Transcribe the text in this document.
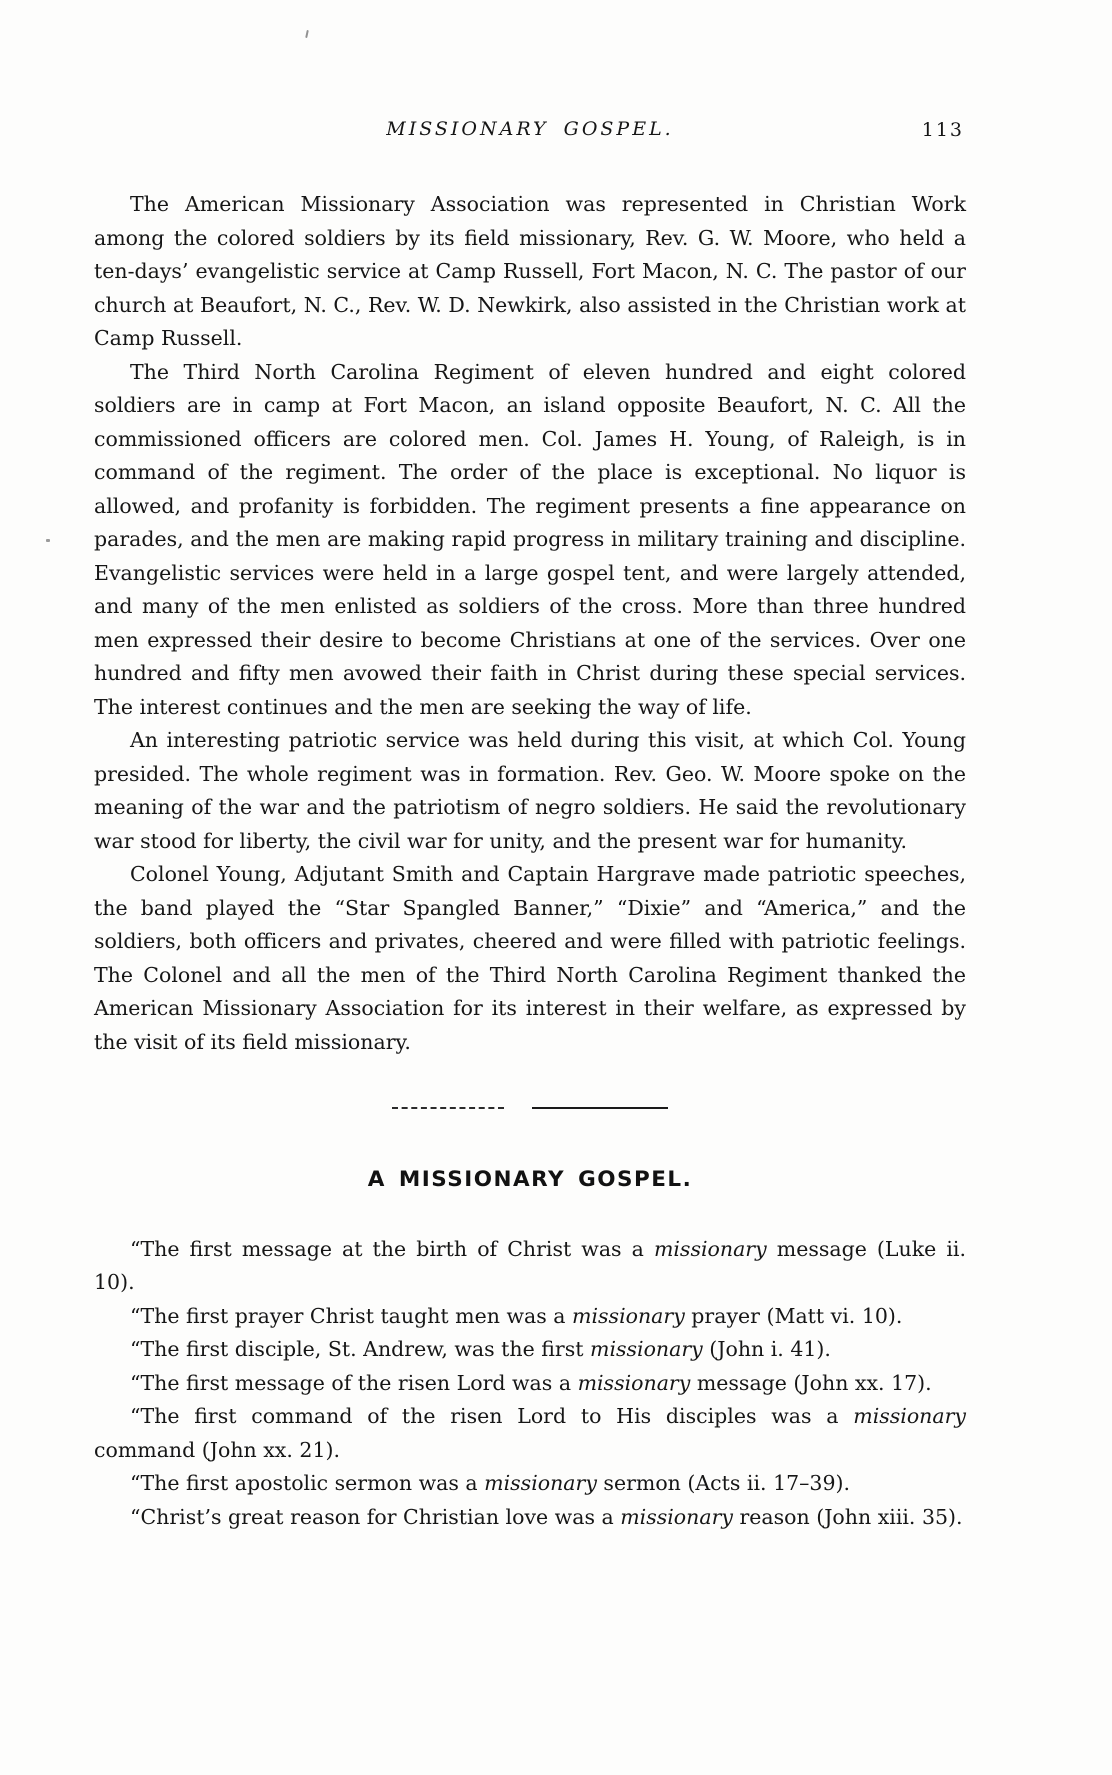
MISSIONARY GOSPEL.	113

The American Missionary Association was represented in Christian Work among the colored soldiers by its field missionary, Rev. G. W. Moore, who held a ten-days’ evangelistic service at Camp Russell, Fort Macon, N. C. The pastor of our church at Beaufort, N. C., Rev. W. D. Newkirk, also assisted in the Christian work at Camp Russell.

The Third North Carolina Regiment of eleven hundred and eight colored soldiers are in camp at Fort Macon, an island opposite Beaufort, N. C. All the commissioned officers are colored men. Col. James H. Young, of Raleigh, is in command of the regiment. The order of the place is exceptional. No liquor is allowed, and profanity is forbidden. The regiment presents a fine appearance on parades, and the men are making rapid progress in military training and discipline. Evangelistic services were held in a large gospel tent, and were largely attended, and many of the men enlisted as soldiers of the cross. More than three hundred men expressed their desire to become Christians at one of the services. Over one hundred and fifty men avowed their faith in Christ during these special services. The interest continues and the men are seeking the way of life.

An interesting patriotic service was held during this visit, at which Col. Young presided. The whole regiment was in formation. Rev. Geo. W. Moore spoke on the meaning of the war and the patriotism of negro soldiers. He said the revolutionary war stood for liberty, the civil war for unity, and the present war for humanity.

Colonel Young, Adjutant Smith and Captain Hargrave made patriotic speeches, the band played the “Star Spangled Banner,” “Dixie” and “America,” and the soldiers, both officers and privates, cheered and were filled with patriotic feelings. The Colonel and all the men of the Third North Carolina Regiment thanked the American Missionary Association for its interest in their welfare, as expressed by the visit of its field missionary.

A MISSIONARY GOSPEL.

“The first message at the birth of Christ was a missionary message (Luke ii. 10).

“The first prayer Christ taught men was a missionary prayer (Matt vi. 10).

“The first disciple, St. Andrew, was the first missionary (John i. 41).

“The first message of the risen Lord was a missionary message (John xx. 17).

“The first command of the risen Lord to His disciples was a missionary command (John xx. 21).

“The first apostolic sermon was a missionary sermon (Acts ii. 17–39).

“Christ’s great reason for Christian love was a missionary reason (John xiii. 35).
